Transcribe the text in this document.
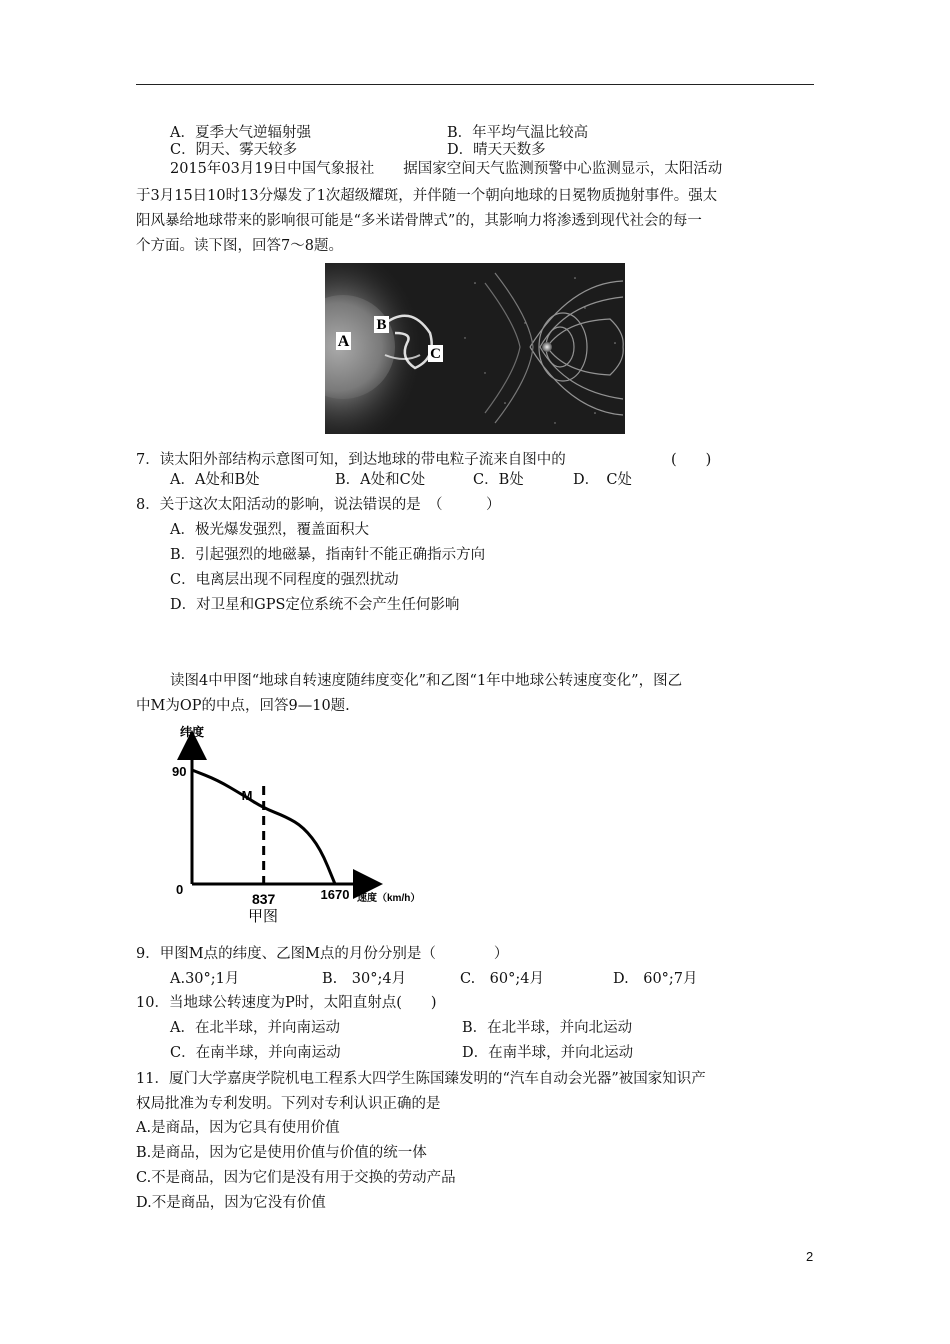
A．夏季大气逆辐射强	B．年平均气温比较高
C．阴天、雾天较多	D．晴天天数多
2015年03月19日中国气象报社　　据国家空间天气监测预警中心监测显示，太阳活动
于3月15日10时13分爆发了1次超级耀斑，并伴随一个朝向地球的日冕物质抛射事件。强太
阳风暴给地球带来的影响很可能是“多米诺骨牌式”的，其影响力将渗透到现代社会的每一
个方面。读下图，回答7～8题。
A
B
C
7．读太阳外部结构示意图可知，到达地球的带电粒子流来自图中的	(　　)
A．A处和B处	B．A处和C处	C．B处	D．　C处
8．关于这次太阳活动的影响，说法错误的是　（　　　）
A．极光爆发强烈，覆盖面积大
B．引起强烈的地磁暴，指南针不能正确指示方向
C．电离层出现不同程度的强烈扰动
D．对卫星和GPS定位系统不会产生任何影响
读图4中甲图“地球自转速度随纬度变化”和乙图“1年中地球公转速度变化”，图乙
中M为OP的中点，回答9—10题.
纬度
90
0
M
837	1670 速度（km/h）
甲图
9．甲图M点的纬度、乙图M点的月份分别是（　　　　）
A.30°;1月	B.　30°;4月	C.　60°;4月	D.　60°;7月
10．当地球公转速度为P时，太阳直射点(　　)
A．在北半球，并向南运动	B．在北半球，并向北运动
C．在南半球，并向南运动	D．在南半球，并向北运动
11．厦门大学嘉庚学院机电工程系大四学生陈国臻发明的“汽车自动会光器”被国家知识产
权局批准为专利发明。下列对专利认识正确的是
A.是商品，因为它具有使用价值
B.是商品，因为它是使用价值与价值的统一体
C.不是商品，因为它们是没有用于交换的劳动产品
D.不是商品，因为它没有价值
2
